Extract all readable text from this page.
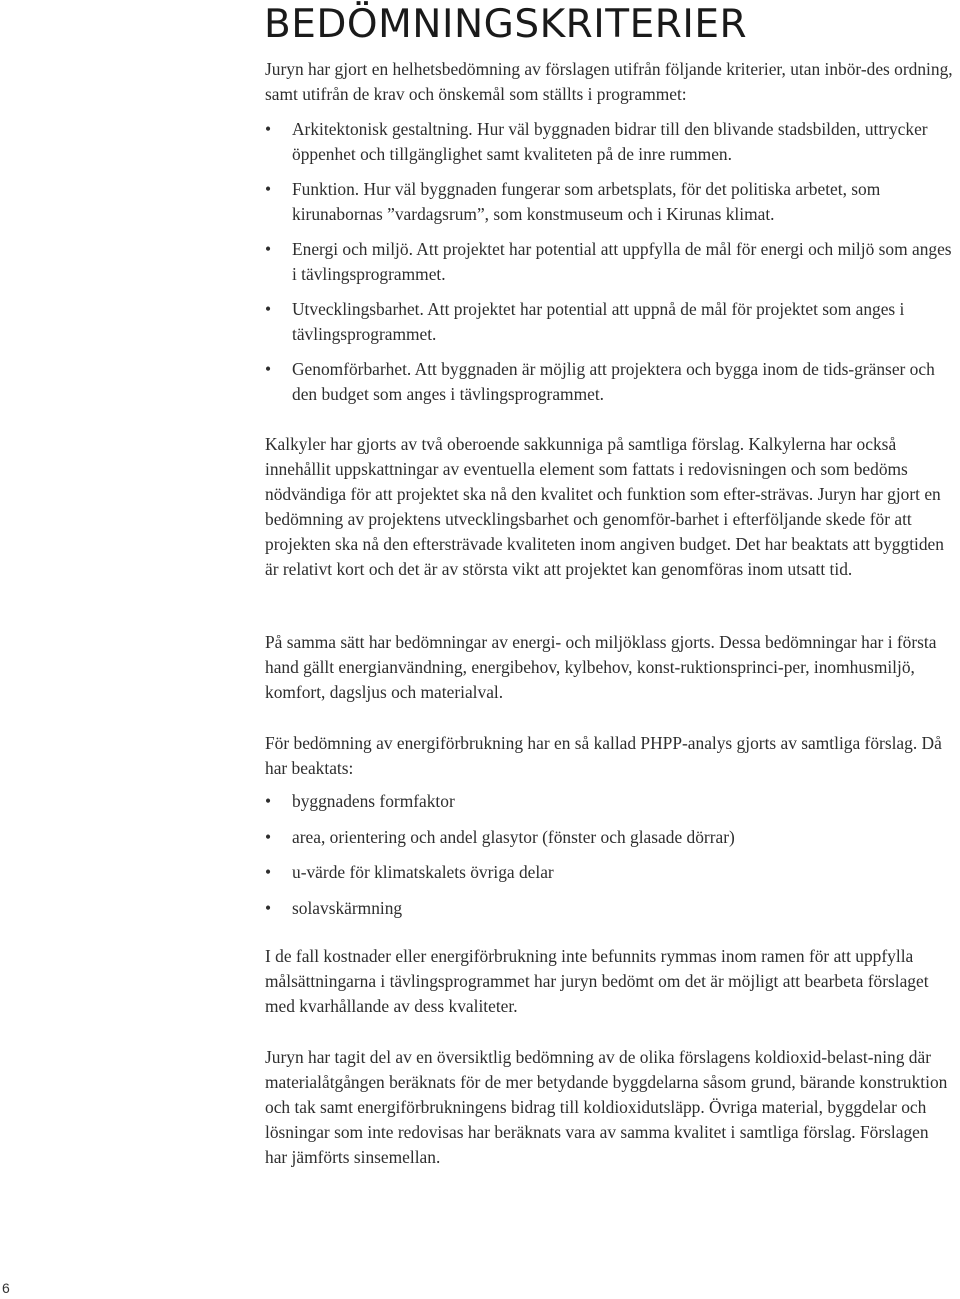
BEDÖMNINGSKRITERIER

Juryn har gjort en helhetsbedömning av förslagen utifrån följande kriterier, utan inbör-des ordning, samt utifrån de krav och önskemål som ställts i programmet:

• Arkitektonisk gestaltning. Hur väl byggnaden bidrar till den blivande stadsbilden, uttrycker öppenhet och tillgänglighet samt kvaliteten på de inre rummen.
• Funktion. Hur väl byggnaden fungerar som arbetsplats, för det politiska arbetet, som kirunabornas ”vardagsrum”, som konstmuseum och i Kirunas klimat.
• Energi och miljö. Att projektet har potential att uppfylla de mål för energi och miljö som anges i tävlingsprogrammet.
• Utvecklingsbarhet. Att projektet har potential att uppnå de mål för projektet som anges i tävlingsprogrammet.
• Genomförbarhet. Att byggnaden är möjlig att projektera och bygga inom de tids-gränser och den budget som anges i tävlingsprogrammet.

Kalkyler har gjorts av två oberoende sakkunniga på samtliga förslag. Kalkylerna har också innehållit uppskattningar av eventuella element som fattats i redovisningen och som bedöms nödvändiga för att projektet ska nå den kvalitet och funktion som efter-strävas. Juryn har gjort en bedömning av projektens utvecklingsbarhet och genomför-barhet i efterföljande skede för att projekten ska nå den eftersträvade kvaliteten inom angiven budget. Det har beaktats att byggtiden är relativt kort och det är av största vikt att projektet kan genomföras inom utsatt tid.

På samma sätt har bedömningar av energi- och miljöklass gjorts. Dessa bedömningar har i första hand gällt energianvändning, energibehov, kylbehov, konst-ruktionsprinci-per, inomhusmiljö, komfort, dagsljus och materialval.

För bedömning av energiförbrukning har en så kallad PHPP-analys gjorts av samtliga förslag. Då har beaktats:

• byggnadens formfaktor
• area, orientering och andel glasytor (fönster och glasade dörrar)
• u-värde för klimatskalets övriga delar
• solavskärmning

I de fall kostnader eller energiförbrukning inte befunnits rymmas inom ramen för att uppfylla målsättningarna i tävlingsprogrammet har juryn bedömt om det är möjligt att bearbeta förslaget med kvarhållande av dess kvaliteter.

Juryn har tagit del av en översiktlig bedömning av de olika förslagens koldioxid-belast-ning där materialåtgången beräknats för de mer betydande byggdelarna såsom grund, bärande konstruktion och tak samt energiförbrukningens bidrag till koldioxidutsläpp. Övriga material, byggdelar och lösningar som inte redovisas har beräknats vara av samma kvalitet i samtliga förslag. Förslagen har jämförts sinsemellan.

6
